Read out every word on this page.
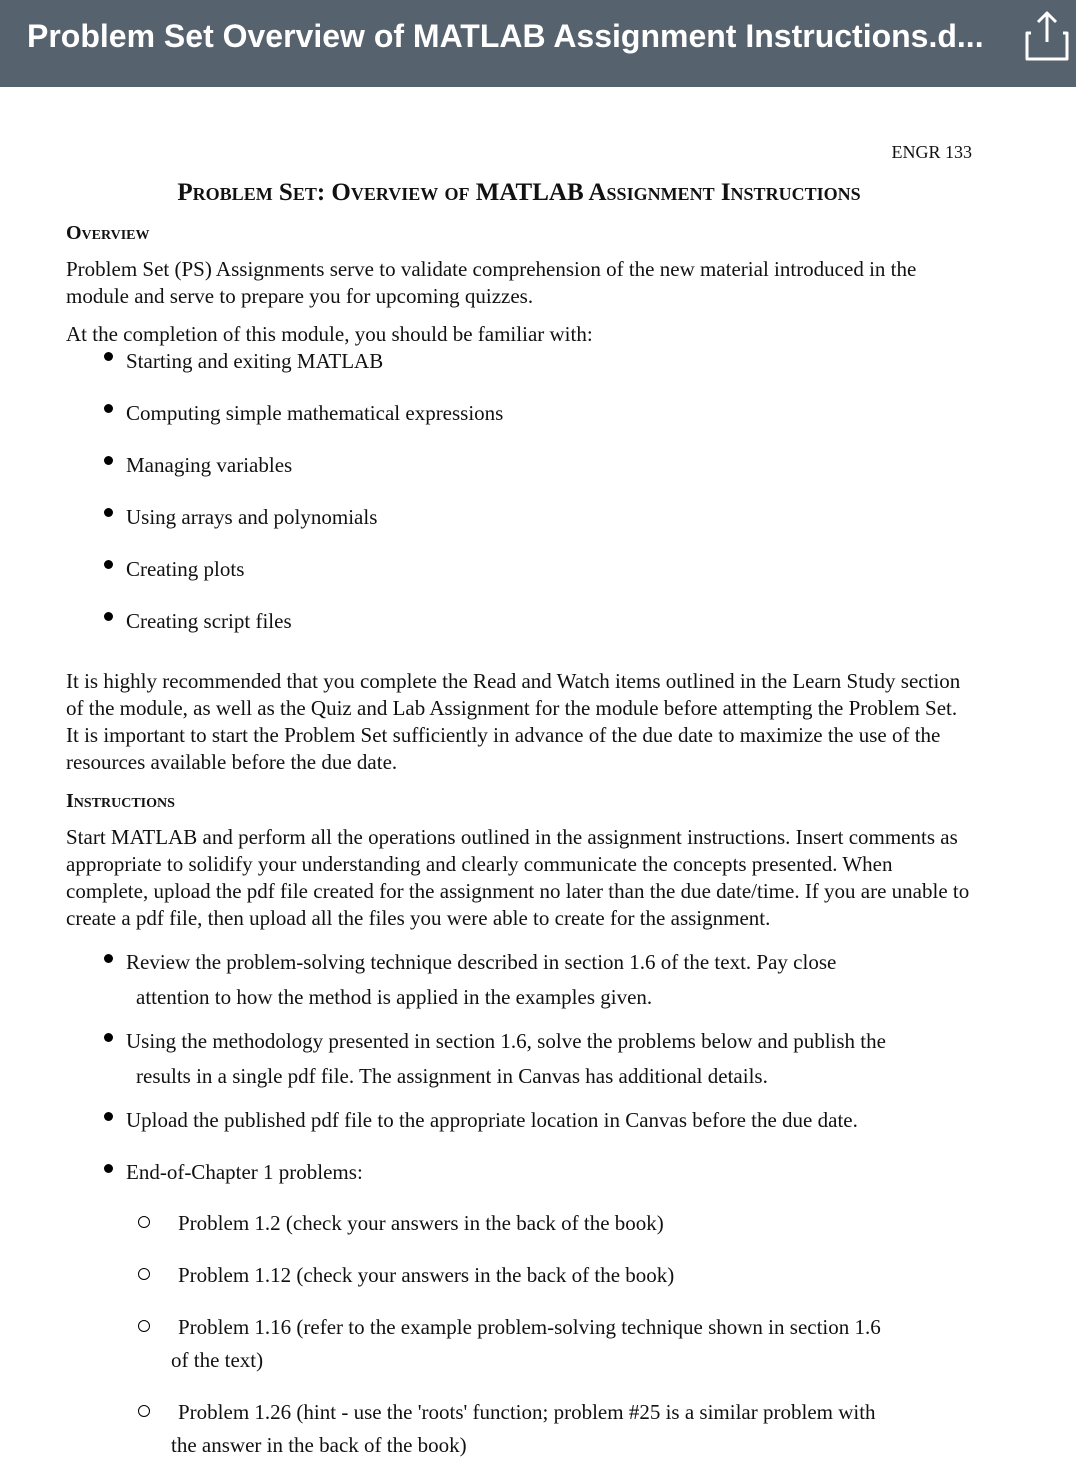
Problem Set Overview of MATLAB Assignment Instructions.d...
ENGR 133
Problem Set: Overview of MATLAB Assignment Instructions
Overview

Problem Set (PS) Assignments serve to validate comprehension of the new material introduced in the module and serve to prepare you for upcoming quizzes.

At the completion of this module, you should be familiar with:

Starting and exiting MATLAB
Computing simple mathematical expressions
Managing variables
Using arrays and polynomials
Creating plots
Creating script files

It is highly recommended that you complete the Read and Watch items outlined in the Learn Study section of the module, as well as the Quiz and Lab Assignment for the module before attempting the Problem Set. It is important to start the Problem Set sufficiently in advance of the due date to maximize the use of the resources available before the due date.

Instructions

Start MATLAB and perform all the operations outlined in the assignment instructions. Insert comments as appropriate to solidify your understanding and clearly communicate the concepts presented. When complete, upload the pdf file created for the assignment no later than the due date/time. If you are unable to create a pdf file, then upload all the files you were able to create for the assignment.

Review the problem-solving technique described in section 1.6 of the text. Pay close
attention to how the method is applied in the examples given.
Using the methodology presented in section 1.6, solve the problems below and publish the
results in a single pdf file. The assignment in Canvas has additional details.
Upload the published pdf file to the appropriate location in Canvas before the due date.
End-of-Chapter 1 problems:
Problem 1.2 (check your answers in the back of the book)
Problem 1.12 (check your answers in the back of the book)
Problem 1.16 (refer to the example problem-solving technique shown in section 1.6
of the text)
Problem 1.26 (hint - use the 'roots' function; problem #25 is a similar problem with
the answer in the back of the book)
